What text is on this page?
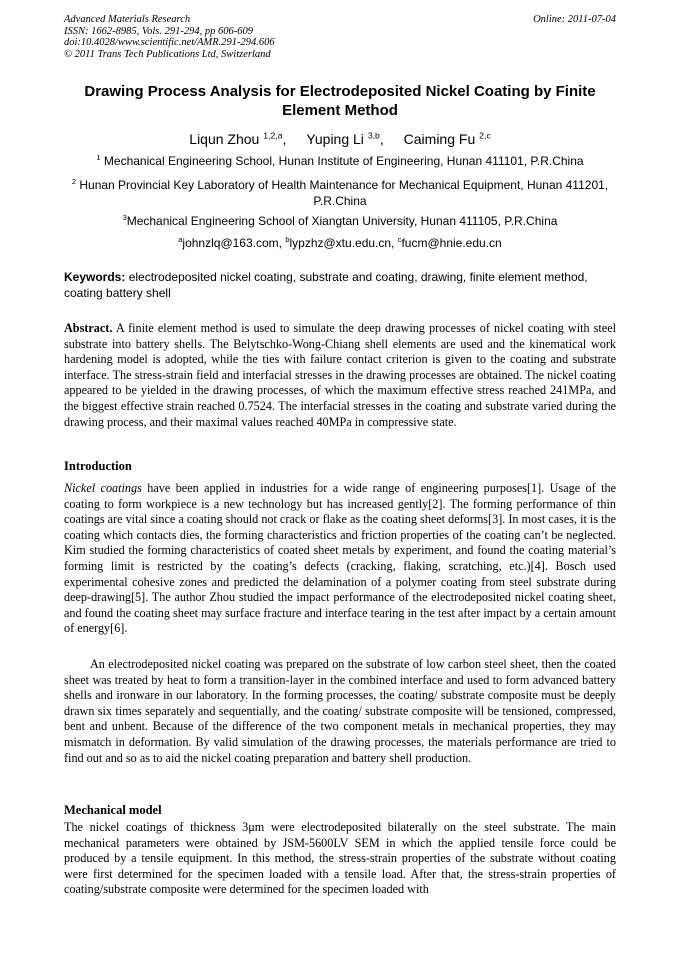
Advanced Materials Research
ISSN: 1662-8985, Vols. 291-294, pp 606-609
doi:10.4028/www.scientific.net/AMR.291-294.606
© 2011 Trans Tech Publications Ltd, Switzerland
Online: 2011-07-04
Drawing Process Analysis for Electrodeposited Nickel Coating by Finite Element Method
Liqun Zhou $^{1,2,a}$, Yuping Li $^{3,b}$, Caiming Fu $^{2,c}$
$^1$ Mechanical Engineering School, Hunan Institute of Engineering, Hunan 411101, P.R.China
$^2$ Hunan Provincial Key Laboratory of Health Maintenance for Mechanical Equipment, Hunan 411201, P.R.China
$^3$Mechanical Engineering School of Xiangtan University, Hunan 411105, P.R.China
$^a$johnzlq@163.com, $^b$lypzhz@xtu.edu.cn, $^c$fucm@hnie.edu.cn
Keywords: electrodeposited nickel coating, substrate and coating, drawing, finite element method, coating battery shell
Abstract. A finite element method is used to simulate the deep drawing processes of nickel coating with steel substrate into battery shells. The Belytschko-Wong-Chiang shell elements are used and the kinematical work hardening model is adopted, while the ties with failure contact criterion is given to the coating and substrate interface. The stress-strain field and interfacial stresses in the drawing processes are obtained. The nickel coating appeared to be yielded in the drawing processes, of which the maximum effective stress reached 241MPa, and the biggest effective strain reached 0.7524. The interfacial stresses in the coating and substrate varied during the drawing process, and their maximal values reached 40MPa in compressive state.
Introduction
Nickel coatings have been applied in industries for a wide range of engineering purposes[1]. Usage of the coating to form workpiece is a new technology but has increased gently[2]. The forming performance of thin coatings are vital since a coating should not crack or flake as the coating sheet deforms[3]. In most cases, it is the coating which contacts dies, the forming characteristics and friction properties of the coating can’t be neglected. Kim studied the forming characteristics of coated sheet metals by experiment, and found the coating material’s forming limit is restricted by the coating’s defects (cracking, flaking, scratching, etc.)[4]. Bosch used experimental cohesive zones and predicted the delamination of a polymer coating from steel substrate during deep-drawing[5]. The author Zhou studied the impact performance of the electrodeposited nickel coating sheet, and found the coating sheet may surface fracture and interface tearing in the test after impact by a certain amount of energy[6].
An electrodeposited nickel coating was prepared on the substrate of low carbon steel sheet, then the coated sheet was treated by heat to form a transition-layer in the combined interface and used to form advanced battery shells and ironware in our laboratory. In the forming processes, the coating/ substrate composite must be deeply drawn six times separately and sequentially, and the coating/ substrate composite will be tensioned, compressed, bent and unbent. Because of the difference of the two component metals in mechanical properties, they may mismatch in deformation. By valid simulation of the drawing processes, the materials performance are tried to find out and so as to aid the nickel coating preparation and battery shell production.
Mechanical model
The nickel coatings of thickness 3μm were electrodeposited bilaterally on the steel substrate. The main mechanical parameters were obtained by JSM-5600LV SEM in which the applied tensile force could be produced by a tensile equipment. In this method, the stress-strain properties of the substrate without coating were first determined for the specimen loaded with a tensile load. After that, the stress-strain properties of coating/substrate composite were determined for the specimen loaded with
